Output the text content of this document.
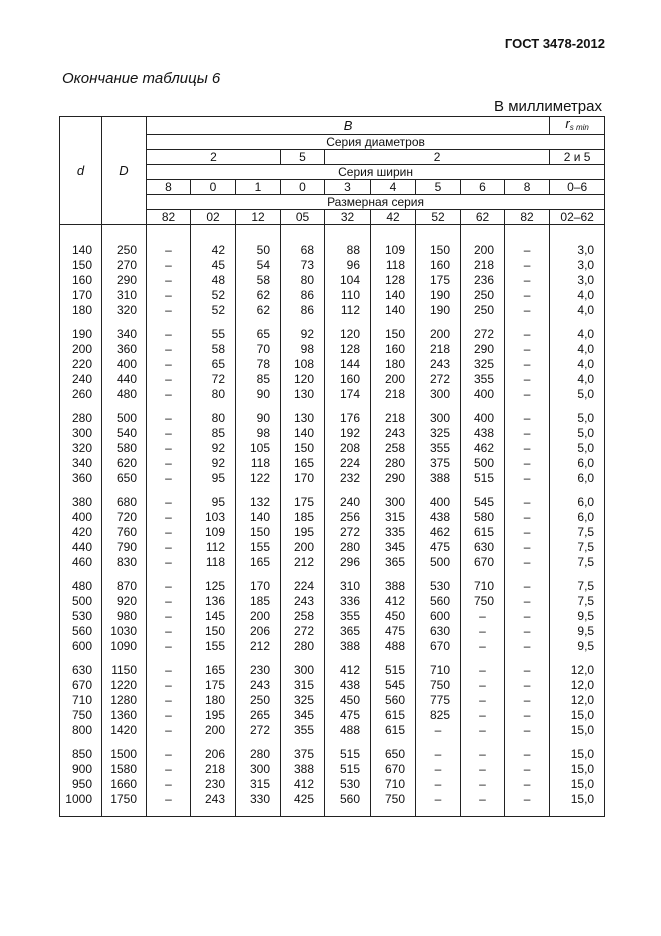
ГОСТ 3478-2012
Окончание таблицы 6
В миллиметрах
d	D	B									$r_{s min}$
		Серия диаметров									
		2			5	2					2 и 5
		Серия ширин									
		8	0	1	0	3	4	5	6	8	0–6
		Размерная серия									
		82	02	12	05	32	42	52	62	82	02–62

140	250	–	42	50	68	88	109	150	200	–	3,0
150	270	–	45	54	73	96	118	160	218	–	3,0
160	290	–	48	58	80	104	128	175	236	–	3,0
170	310	–	52	62	86	110	140	190	250	–	4,0
180	320	–	52	62	86	112	140	190	250	–	4,0

190	340	–	55	65	92	120	150	200	272	–	4,0
200	360	–	58	70	98	128	160	218	290	–	4,0
220	400	–	65	78	108	144	180	243	325	–	4,0
240	440	–	72	85	120	160	200	272	355	–	4,0
260	480	–	80	90	130	174	218	300	400	–	5,0

280	500	–	80	90	130	176	218	300	400	–	5,0
300	540	–	85	98	140	192	243	325	438	–	5,0
320	580	–	92	105	150	208	258	355	462	–	5,0
340	620	–	92	118	165	224	280	375	500	–	6,0
360	650	–	95	122	170	232	290	388	515	–	6,0

380	680	–	95	132	175	240	300	400	545	–	6,0
400	720	–	103	140	185	256	315	438	580	–	6,0
420	760	–	109	150	195	272	335	462	615	–	7,5
440	790	–	112	155	200	280	345	475	630	–	7,5
460	830	–	118	165	212	296	365	500	670	–	7,5

480	870	–	125	170	224	310	388	530	710	–	7,5
500	920	–	136	185	243	336	412	560	750	–	7,5
530	980	–	145	200	258	355	450	600	–	–	9,5
560	1030	–	150	206	272	365	475	630	–	–	9,5
600	1090	–	155	212	280	388	488	670	–	–	9,5

630	1150	–	165	230	300	412	515	710	–	–	12,0
670	1220	–	175	243	315	438	545	750	–	–	12,0
710	1280	–	180	250	325	450	560	775	–	–	12,0
750	1360	–	195	265	345	475	615	825	–	–	15,0
800	1420	–	200	272	355	488	615	–	–	–	15,0

850	1500	–	206	280	375	515	650	–	–	–	15,0
900	1580	–	218	300	388	515	670	–	–	–	15,0
950	1660	–	230	315	412	530	710	–	–	–	15,0
1000	1750	–	243	330	425	560	750	–	–	–	15,0
